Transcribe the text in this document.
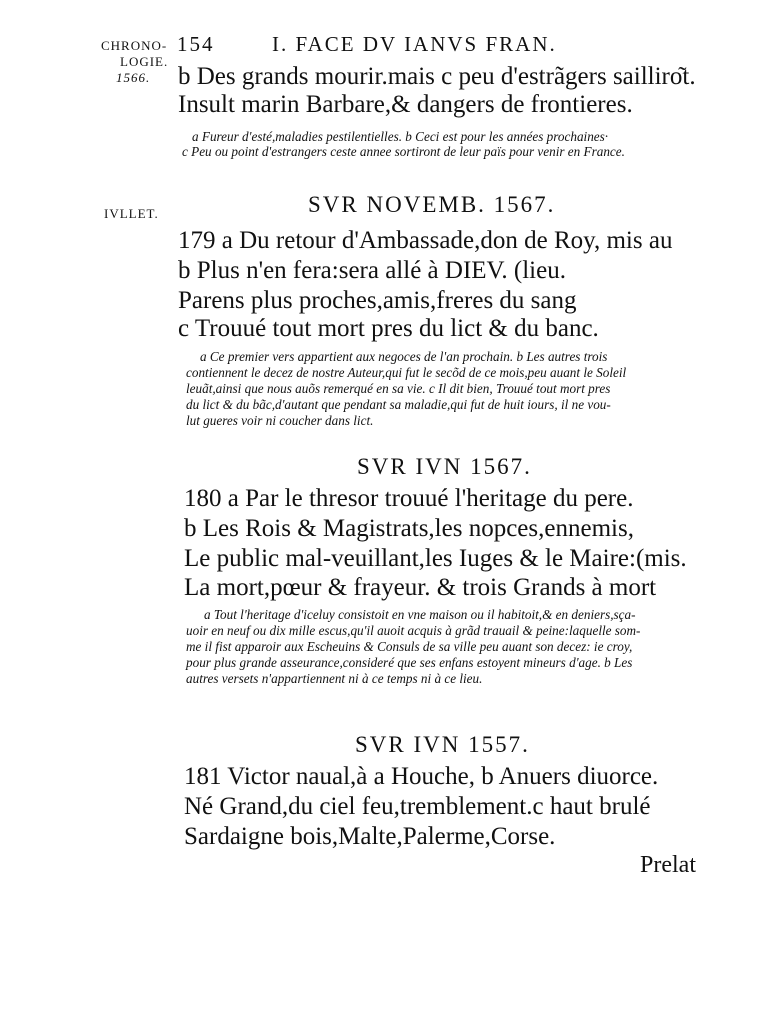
CHRONO-
LOGIE.
1566.
IVLLET.
154	I. FACE DV IANVS FRAN.
b Des grands mourir.mais c peu d'estrãgers sailliro͂t.
Insult marin Barbare,& dangers de frontieres.
a Fureur d'esté,maladies pestilentielles. b Ceci est pour les années prochaines·
c Peu ou point d'estrangers ceste annee sortiront de leur païs pour venir en France.
SVR NOVEMB. 1567.
179 a Du retour d'Ambassade,don de Roy, mis au
b Plus n'en fera:sera allé à DIEV. (lieu.
Parens plus proches,amis,freres du sang
c Trouué tout mort pres du lict & du banc.
a Ce premier vers appartient aux negoces de l'an prochain. b Les autres trois
contiennent le decez de nostre Auteur,qui fut le secõd de ce mois,peu auant le Soleil
leuãt,ainsi que nous auõs remerqué en sa vie. c Il dit bien, Trouué tout mort pres
du lict & du bãc,d'autant que pendant sa maladie,qui fut de huit iours, il ne vou-
lut gueres voir ni coucher dans lict.
SVR IVN 1567.
180 a Par le thresor trouué l'heritage du pere.
b Les Rois & Magistrats,les nopces,ennemis,
Le public mal-veuillant,les Iuges & le Maire:(mis.
La mort,pœur & frayeur. & trois Grands à mort
a Tout l'heritage d'iceluy consistoit en vne maison ou il habitoit,& en deniers,sça-
uoir en neuf ou dix mille escus,qu'il auoit acquis à grãd trauail & peine:laquelle som-
me il fist apparoir aux Escheuins & Consuls de sa ville peu auant son decez: ie croy,
pour plus grande asseurance,consideré que ses enfans estoyent mineurs d'age. b Les
autres versets n'appartiennent ni à ce temps ni à ce lieu.
SVR IVN 1557.
181 Victor naual,à a Houche, b Anuers diuorce.
Né Grand,du ciel feu,tremblement.c haut brulé
Sardaigne bois,Malte,Palerme,Corse.
Prelat
